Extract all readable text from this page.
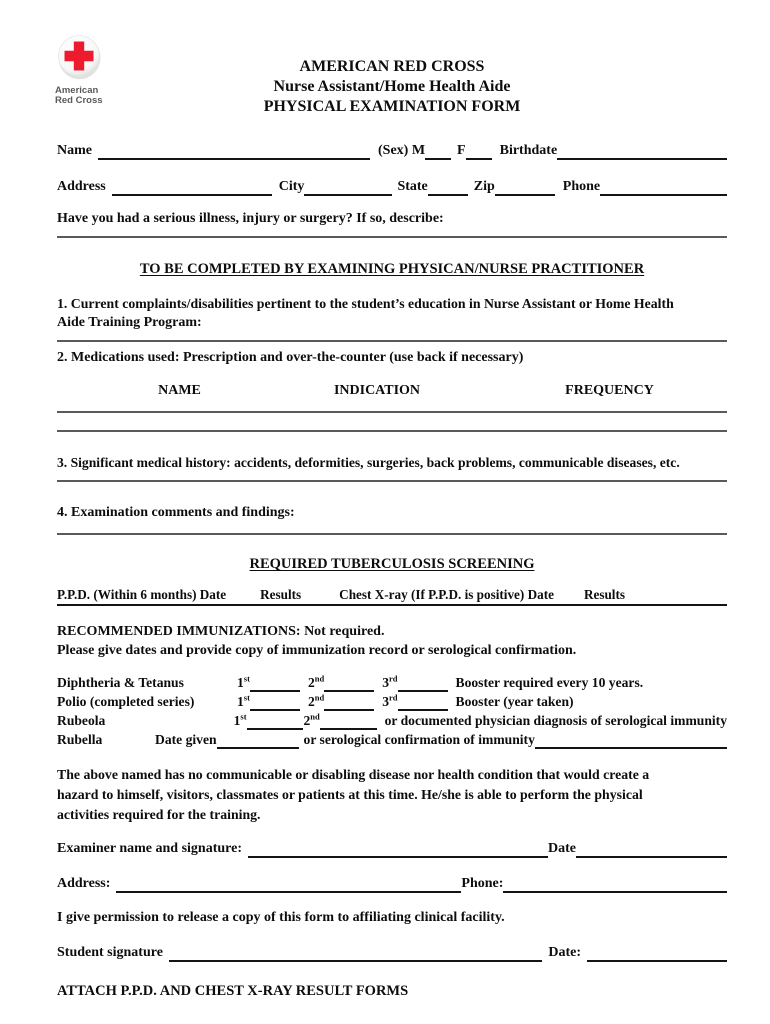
American
Red Cross
AMERICAN RED CROSS
Nurse Assistant/Home Health Aide
PHYSICAL EXAMINATION FORM
Name	(Sex) M F Birthdate
Address	City	State	Zip	Phone
Have you had a serious illness, injury or surgery? If so, describe:
TO BE COMPLETED BY EXAMINING PHYSICAN/NURSE PRACTITIONER
1. Current complaints/disabilities pertinent to the student’s education in Nurse Assistant or Home Health
Aide Training Program:
2. Medications used: Prescription and over-the-counter (use back if necessary)
NAME	INDICATION	FREQUENCY
3. Significant medical history: accidents, deformities, surgeries, back problems, communicable diseases, etc.
4. Examination comments and findings:
REQUIRED TUBERCULOSIS SCREENING
P.P.D. (Within 6 months) Date	Results	Chest X-ray (If P.P.D. is positive) Date Results
RECOMMENDED IMMUNIZATIONS: Not required.
Please give dates and provide copy of immunization record or serological confirmation.
Diphtheria & Tetanus	1st	2nd	3rd	Booster required every 10 years.
Polio (completed series)	1st	2nd	3rd	Booster (year taken)
Rubeola	1st	2nd	or documented physician diagnosis of serological immunity
Rubella	Date given	or serological confirmation of immunity
The above named has no communicable or disabling disease nor health condition that would create a
hazard to himself, visitors, classmates or patients at this time. He/she is able to perform the physical
activities required for the training.
Examiner name and signature:	Date
Address:	Phone:
I give permission to release a copy of this form to affiliating clinical facility.
Student signature	Date:
ATTACH P.P.D. AND CHEST X-RAY RESULT FORMS
